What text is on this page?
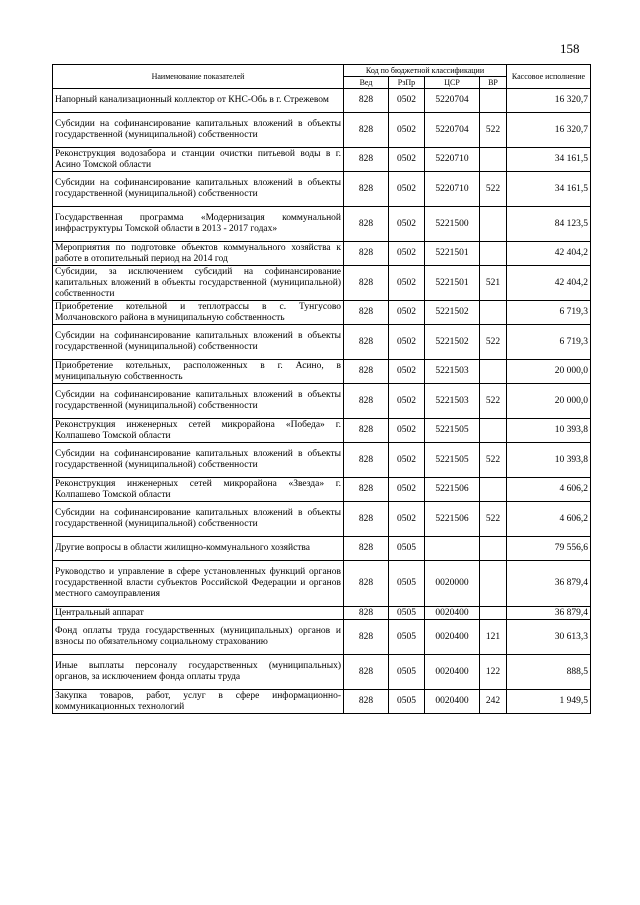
158
Наименование показателей	Код по бюджетной классификации				Кассовое исполнение
	Вед	РзПр	ЦСР	ВР	
Напорный канализационный коллектор от КНС-Обь в г. Стрежевом	828	0502	5220704		16 320,7
Субсидии на софинансирование капитальных вложений в объекты государственной (муниципальной) собственности	828	0502	5220704	522	16 320,7
Реконструкция водозабора и станции очистки питьевой воды в г. Асино Томской области	828	0502	5220710		34 161,5
Субсидии на софинансирование капитальных вложений в объекты государственной (муниципальной) собственности	828	0502	5220710	522	34 161,5
Государственная программа «Модернизация коммунальной инфраструктуры Томской области в 2013 - 2017 годах»	828	0502	5221500		84 123,5
Мероприятия по подготовке объектов коммунального хозяйства к работе в отопительный период на 2014 год	828	0502	5221501		42 404,2
Субсидии, за исключением субсидий на софинансирование капитальных вложений в объекты государственной (муниципальной) собственности	828	0502	5221501	521	42 404,2
Приобретение котельной и теплотрассы в с. Тунгусово Молчановского района в муниципальную собственность	828	0502	5221502		6 719,3
Субсидии на софинансирование капитальных вложений в объекты государственной (муниципальной) собственности	828	0502	5221502	522	6 719,3
Приобретение котельных, расположенных в г. Асино, в муниципальную собственность	828	0502	5221503		20 000,0
Субсидии на софинансирование капитальных вложений в объекты государственной (муниципальной) собственности	828	0502	5221503	522	20 000,0
Реконструкция инженерных сетей микрорайона «Победа» г. Колпашево Томской области	828	0502	5221505		10 393,8
Субсидии на софинансирование капитальных вложений в объекты государственной (муниципальной) собственности	828	0502	5221505	522	10 393,8
Реконструкция инженерных сетей микрорайона «Звезда» г. Колпашево Томской области	828	0502	5221506		4 606,2
Субсидии на софинансирование капитальных вложений в объекты государственной (муниципальной) собственности	828	0502	5221506	522	4 606,2
Другие вопросы в области жилищно-коммунального хозяйства	828	0505			79 556,6
Руководство и управление в сфере установленных функций органов государственной власти субъектов Российской Федерации и органов местного самоуправления	828	0505	0020000		36 879,4
Центральный аппарат	828	0505	0020400		36 879,4
Фонд оплаты труда государственных (муниципальных) органов и взносы по обязательному социальному страхованию	828	0505	0020400	121	30 613,3
Иные выплаты персоналу государственных (муниципальных) органов, за исключением фонда оплаты труда	828	0505	0020400	122	888,5
Закупка товаров, работ, услуг в сфере информационно-коммуникационных технологий	828	0505	0020400	242	1 949,5
